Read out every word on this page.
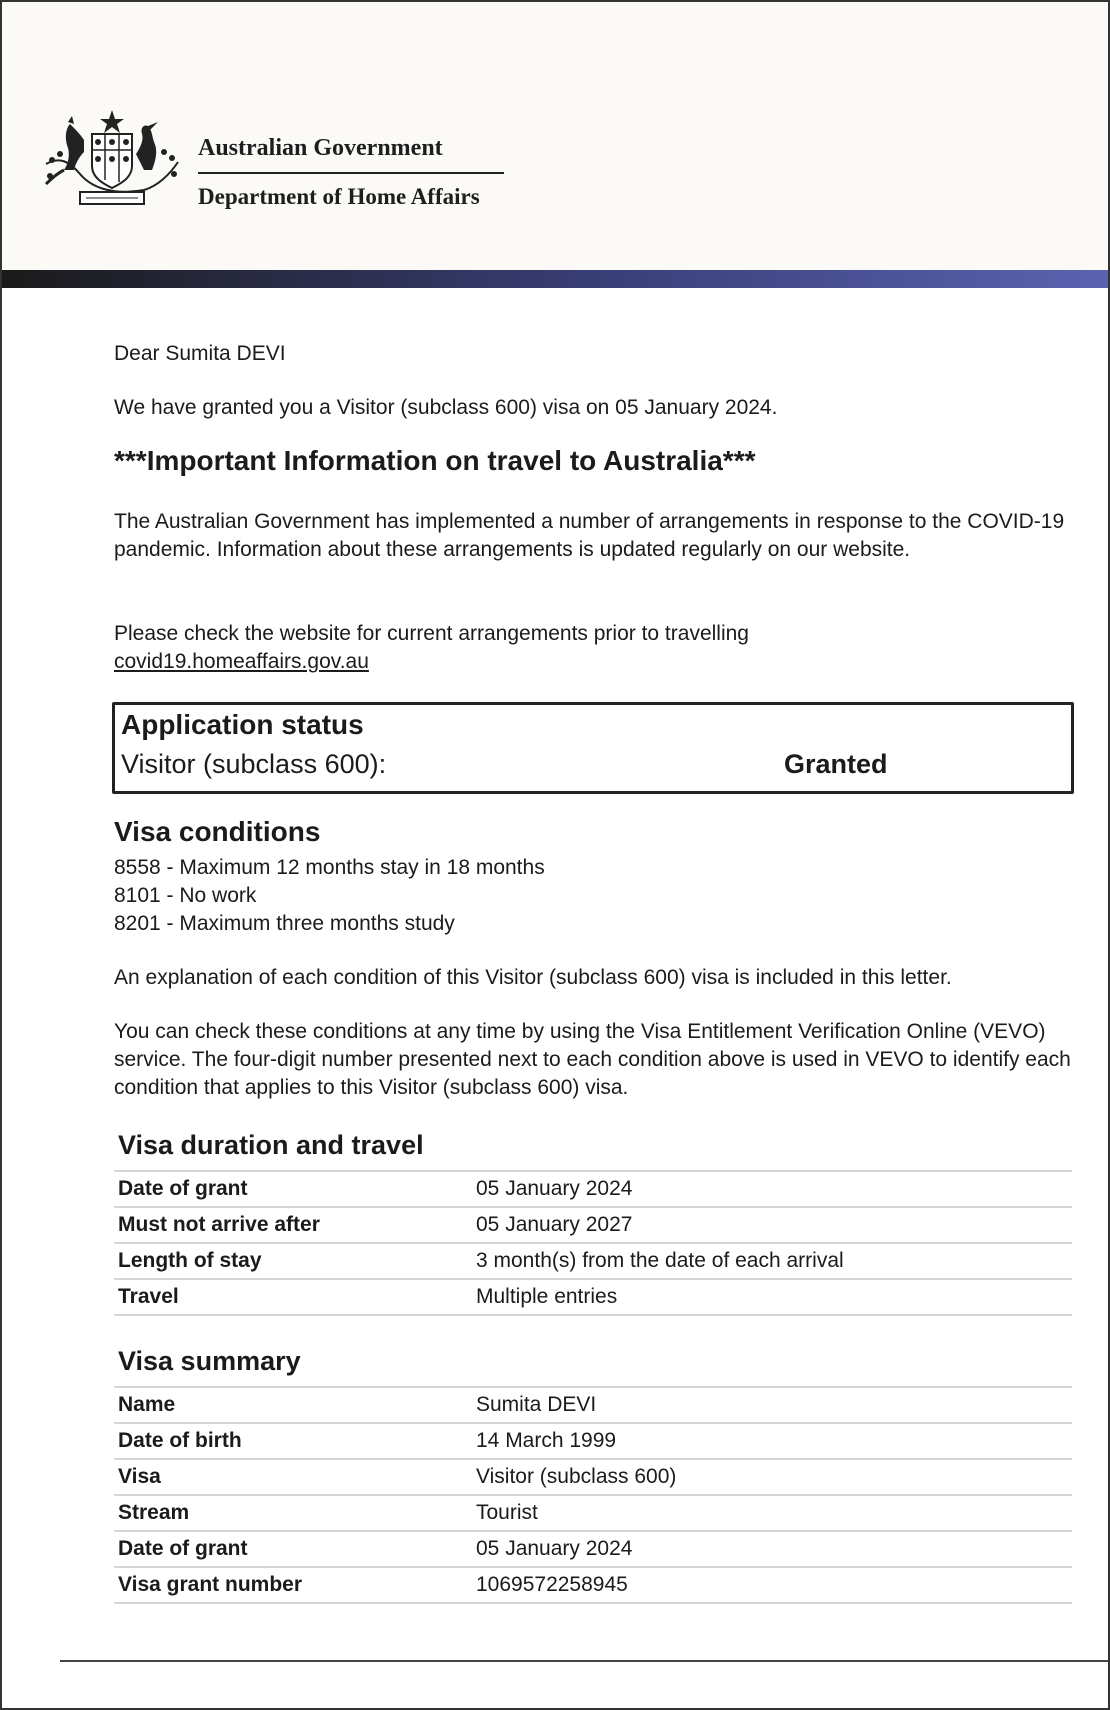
Australian Government
Department of Home Affairs

Dear Sumita DEVI

We have granted you a Visitor (subclass 600) visa on 05 January 2024.

***Important Information on travel to Australia***

The Australian Government has implemented a number of arrangements in response to the COVID-19 pandemic. Information about these arrangements is updated regularly on our website.

Please check the website for current arrangements prior to travelling

covid19.homeaffairs.gov.au
Application status
Visitor (subclass 600):	Granted
Visa conditions
8558 - Maximum 12 months stay in 18 months
8101 - No work
8201 - Maximum three months study

An explanation of each condition of this Visitor (subclass 600) visa is included in this letter.

You can check these conditions at any time by using the Visa Entitlement Verification Online (VEVO) service. The four-digit number presented next to each condition above is used in VEVO to identify each condition that applies to this Visitor (subclass 600) visa.

Visa duration and travel
Date of grant	05 January 2024
Must not arrive after	05 January 2027
Length of stay	3 month(s) from the date of each arrival
Travel	Multiple entries
Visa summary
Name	Sumita DEVI
Date of birth	14 March 1999
Visa	Visitor (subclass 600)
Stream	Tourist
Date of grant	05 January 2024
Visa grant number	1069572258945
